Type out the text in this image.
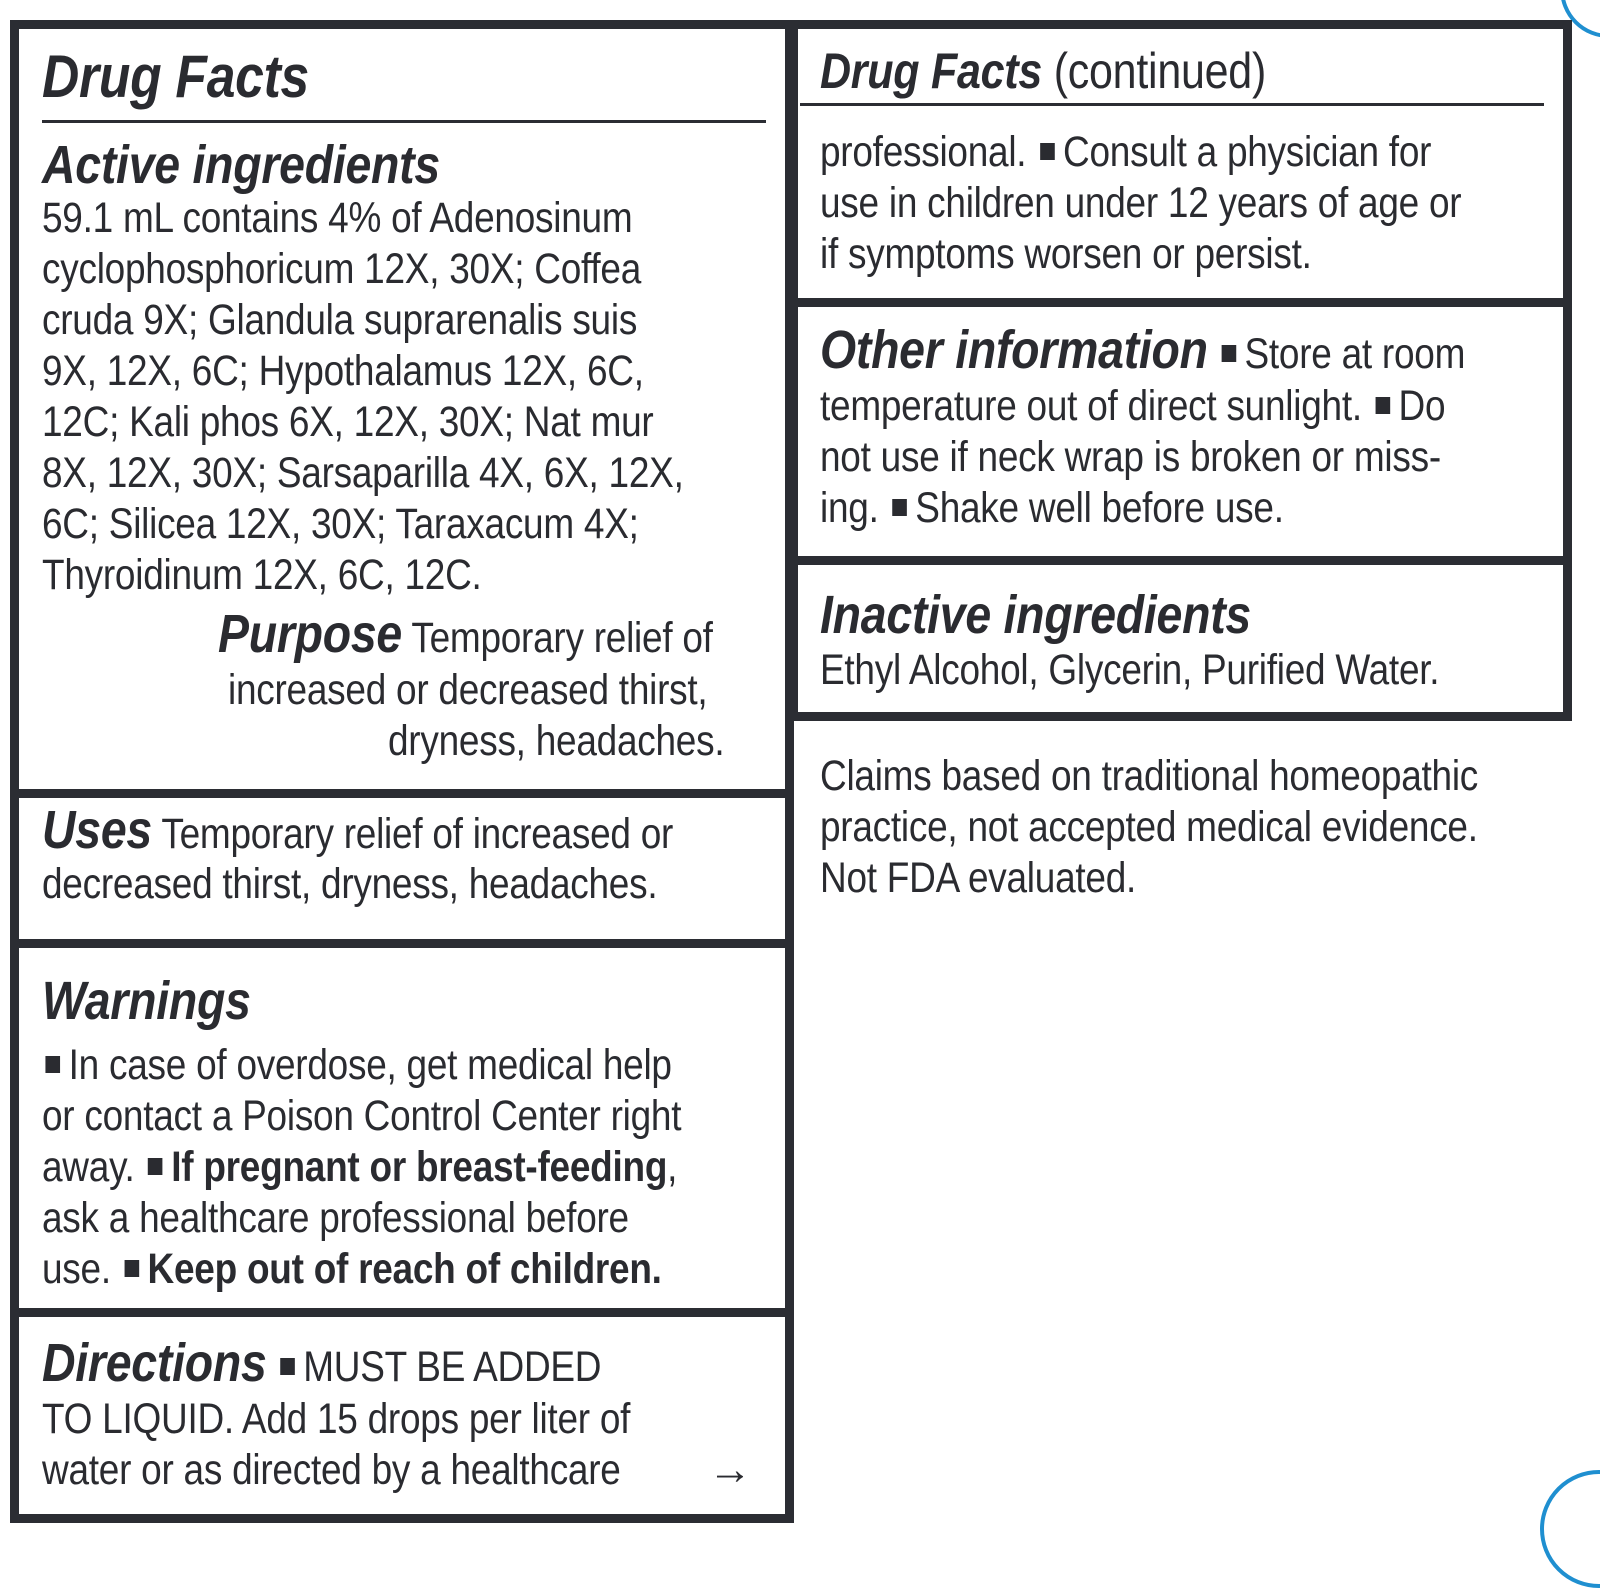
Drug Facts
Active ingredients
59.1 mL contains 4% of Adenosinum
cyclophosphoricum 12X, 30X; Coffea
cruda 9X; Glandula suprarenalis suis
9X, 12X, 6C; Hypothalamus 12X, 6C,
12C; Kali phos 6X, 12X, 30X; Nat mur
8X, 12X, 30X; Sarsaparilla 4X, 6X, 12X,
6C; Silicea 12X, 30X; Taraxacum 4X;
Thyroidinum 12X, 6C, 12C.
Purpose Temporary relief of
increased or decreased thirst,
dryness, headaches.
Uses Temporary relief of increased or
decreased thirst, dryness, headaches.
Warnings
In case of overdose, get medical help
or contact a Poison Control Center right
away. If pregnant or breast-feeding,
ask a healthcare professional before
use. Keep out of reach of children.
Directions MUST BE ADDED
TO LIQUID. Add 15 drops per liter of
water or as directed by a healthcare	→
Drug Facts (continued)
professional. Consult a physician for
use in children under 12 years of age or
if symptoms worsen or persist.
Other information Store at room
temperature out of direct sunlight. Do
not use if neck wrap is broken or miss-
ing. Shake well before use.
Inactive ingredients
Ethyl Alcohol, Glycerin, Purified Water.
Claims based on traditional homeopathic
practice, not accepted medical evidence.
Not FDA evaluated.
